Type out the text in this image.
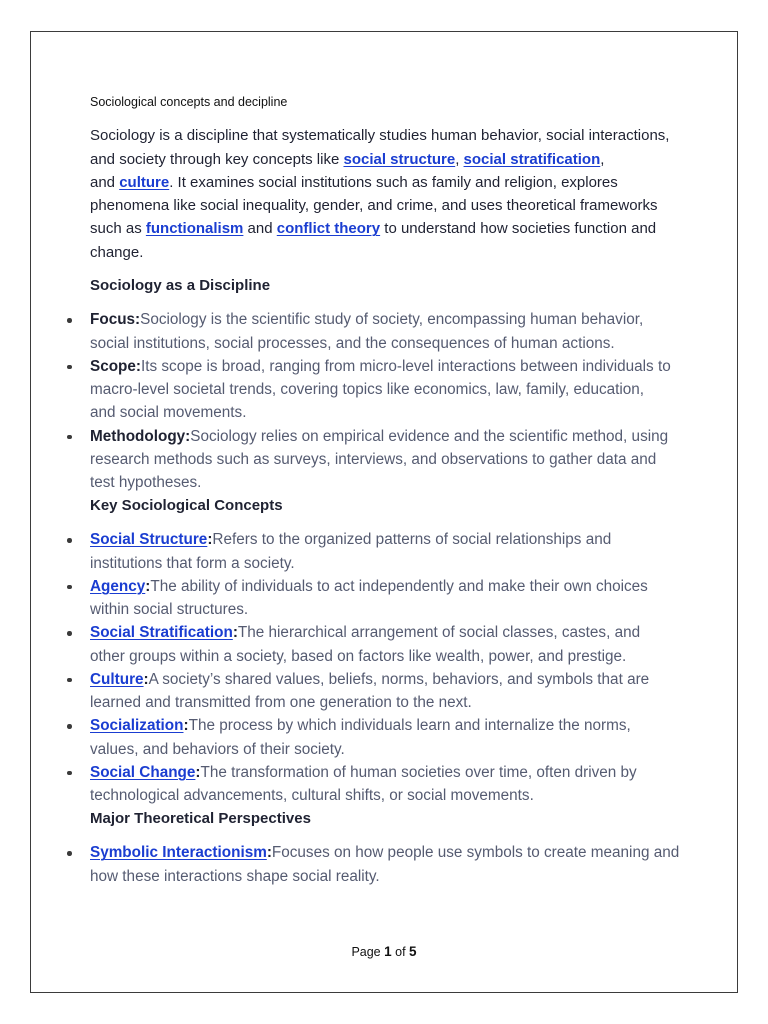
Sociological concepts and decipline

Sociology is a discipline that systematically studies human behavior, social interactions,
and society through key concepts like social structure, social stratification,
and culture. It examines social institutions such as family and religion, explores
phenomena like social inequality, gender, and crime, and uses theoretical frameworks
such as functionalism and conflict theory to understand how societies function and
change.

Sociology as a Discipline
Focus:Sociology is the scientific study of society, encompassing human behavior,
social institutions, social processes, and the consequences of human actions.
Scope:Its scope is broad, ranging from micro-level interactions between individuals to
macro-level societal trends, covering topics like economics, law, family, education,
and social movements.
Methodology:Sociology relies on empirical evidence and the scientific method, using
research methods such as surveys, interviews, and observations to gather data and
test hypotheses.
Key Sociological Concepts
Social Structure:Refers to the organized patterns of social relationships and
institutions that form a society.
Agency:The ability of individuals to act independently and make their own choices
within social structures.
Social Stratification:The hierarchical arrangement of social classes, castes, and
other groups within a society, based on factors like wealth, power, and prestige.
Culture:A society’s shared values, beliefs, norms, behaviors, and symbols that are
learned and transmitted from one generation to the next.
Socialization:The process by which individuals learn and internalize the norms,
values, and behaviors of their society.
Social Change:The transformation of human societies over time, often driven by
technological advancements, cultural shifts, or social movements.
Major Theoretical Perspectives
Symbolic Interactionism:Focuses on how people use symbols to create meaning and
how these interactions shape social reality.
Page 1 of 5
